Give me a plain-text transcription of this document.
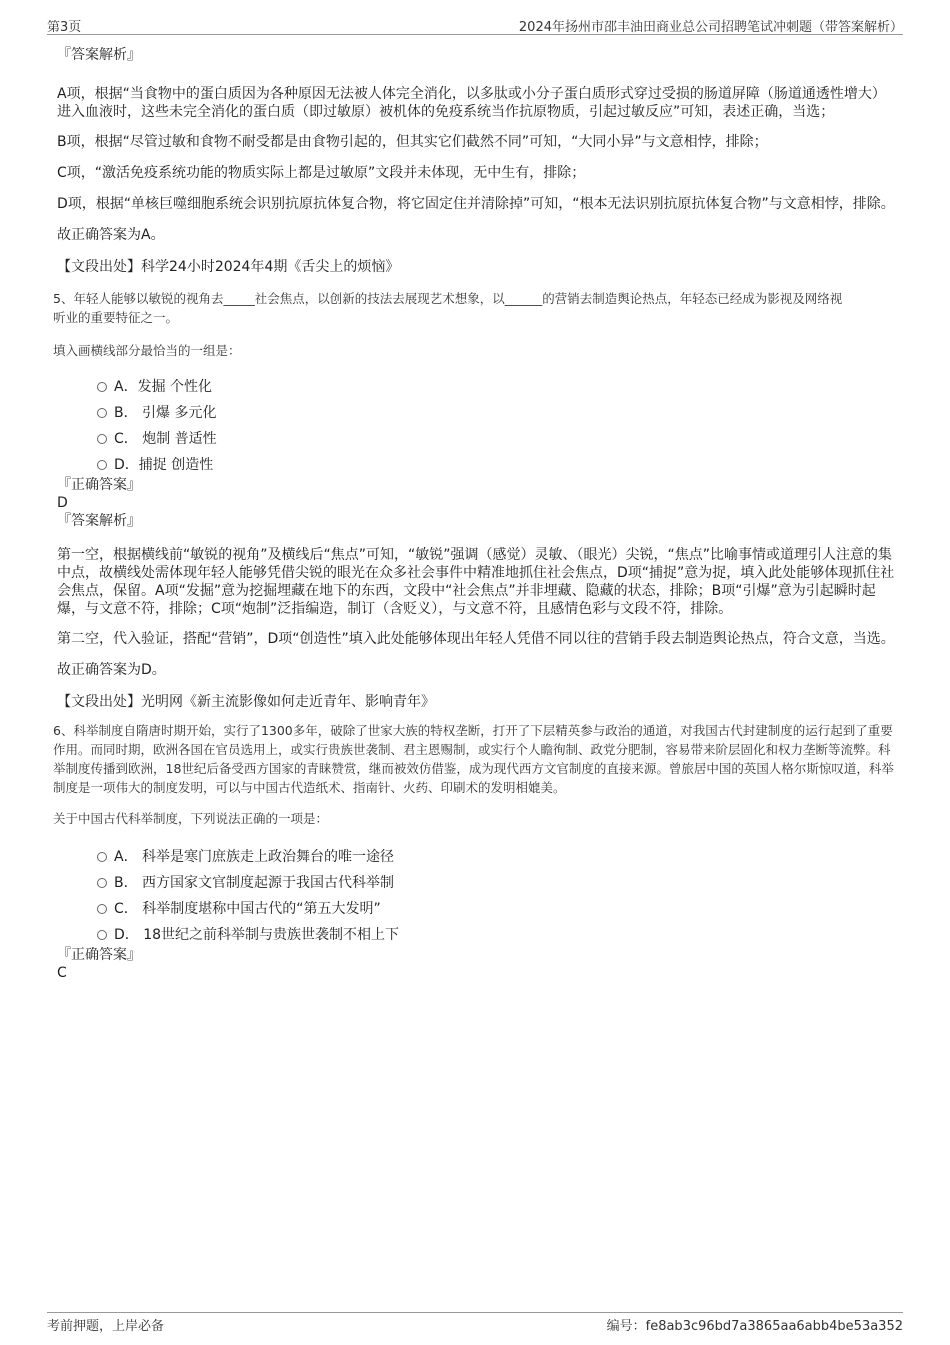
第3页	2024年扬州市邵丰油田商业总公司招聘笔试冲刺题（带答案解析）

『答案解析』

A项，根据“当食物中的蛋白质因为各种原因无法被人体完全消化，以多肽或小分子蛋白质形式穿过受损的肠道屏障（肠道通透性增大）进入血液时，这些未完全消化的蛋白质（即过敏原）被机体的免疫系统当作抗原物质，引起过敏反应”可知，表述正确，当选；

B项，根据“尽管过敏和食物不耐受都是由食物引起的，但其实它们截然不同”可知，“大同小异”与文意相悖，排除；

C项，“激活免疫系统功能的物质实际上都是过敏原”文段并未体现，无中生有，排除；

D项，根据“单核巨噬细胞系统会识别抗原抗体复合物，将它固定住并清除掉”可知，“根本无法识别抗原抗体复合物”与文意相悖，排除。

故正确答案为A。

【文段出处】科学24小时2024年4期《舌尖上的烦恼》

5、年轻人能够以敏锐的视角去_____社会焦点，以创新的技法去展现艺术想象，以______的营销去制造舆论热点，年轻态已经成为影视及网络视

听业的重要特征之一。

填入画横线部分最恰当的一组是：

A．发掘 个性化
B． 引爆 多元化
C． 炮制 普适性
D．捕捉 创造性

『正确答案』

D

『答案解析』

第一空，根据横线前“敏锐的视角”及横线后“焦点”可知，“敏锐”强调（感觉）灵敏、（眼光）尖锐，“焦点”比喻事情或道理引人注意的集中点，故横线处需体现年轻人能够凭借尖锐的眼光在众多社会事件中精准地抓住社会焦点，D项“捕捉”意为捉，填入此处能够体现抓住社会焦点，保留。A项“发掘”意为挖掘埋藏在地下的东西，文段中“社会焦点”并非埋藏、隐藏的状态，排除；B项“引爆”意为引起瞬时起爆，与文意不符，排除；C项“炮制”泛指编造，制订（含贬义），与文意不符，且感情色彩与文段不符，排除。

第二空，代入验证，搭配“营销”，D项“创造性”填入此处能够体现出年轻人凭借不同以往的营销手段去制造舆论热点，符合文意，当选。

故正确答案为D。

【文段出处】光明网《新主流影像如何走近青年、影响青年》

6、科举制度自隋唐时期开始，实行了1300多年，破除了世家大族的特权垄断，打开了下层精英参与政治的通道，对我国古代封建制度的运行起到了重要作用。而同时期，欧洲各国在官员选用上，或实行贵族世袭制、君主恩赐制，或实行个人瞻徇制、政党分肥制，容易带来阶层固化和权力垄断等流弊。科举制度传播到欧洲，18世纪后备受西方国家的青睐赞赏，继而被效仿借鉴，成为现代西方文官制度的直接来源。曾旅居中国的英国人格尔斯惊叹道，科举制度是一项伟大的制度发明，可以与中国古代造纸术、指南针、火药、印刷术的发明相媲美。

关于中国古代科举制度，下列说法正确的一项是：

A． 科举是寒门庶族走上政治舞台的唯一途径
B． 西方国家文官制度起源于我国古代科举制
C． 科举制度堪称中国古代的“第五大发明”
D． 18世纪之前科举制与贵族世袭制不相上下

『正确答案』

C

考前押题，上岸必备	编号：fe8ab3c96bd7a3865aa6abb4be53a352
